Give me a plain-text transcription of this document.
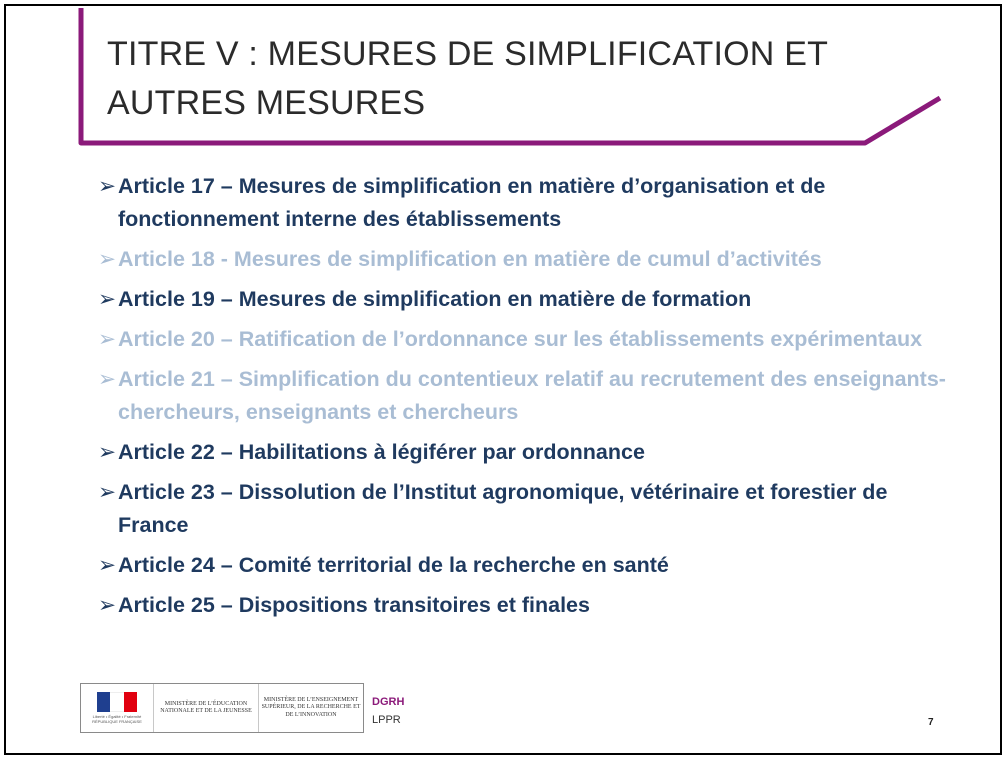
TITRE V : MESURES DE SIMPLIFICATION ET
AUTRES MESURES
➢ Article 17 – Mesures de simplification en matière d’organisation et de fonctionnement interne des établissements
➢ Article 18 - Mesures de simplification en matière de cumul d’activités
➢ Article 19 – Mesures de simplification en matière de formation
➢ Article 20 – Ratification de l’ordonnance sur les établissements expérimentaux
➢ Article 21 – Simplification du contentieux relatif au recrutement des enseignants-chercheurs, enseignants et chercheurs
➢ Article 22 – Habilitations à légiférer par ordonnance
➢ Article 23 – Dissolution de l’Institut agronomique, vétérinaire et forestier de France
➢ Article 24 – Comité territorial de la recherche en santé
➢ Article 25 – Dispositions transitoires et finales
Liberté • Égalité • Fraternité RÉPUBLIQUE FRANÇAISE
MINISTÈRE DE L’ÉDUCATION NATIONALE ET DE LA JEUNESSE
MINISTÈRE DE L’ENSEIGNEMENT SUPÉRIEUR, DE LA RECHERCHE ET DE L’INNOVATION
DGRH
LPPR	7
